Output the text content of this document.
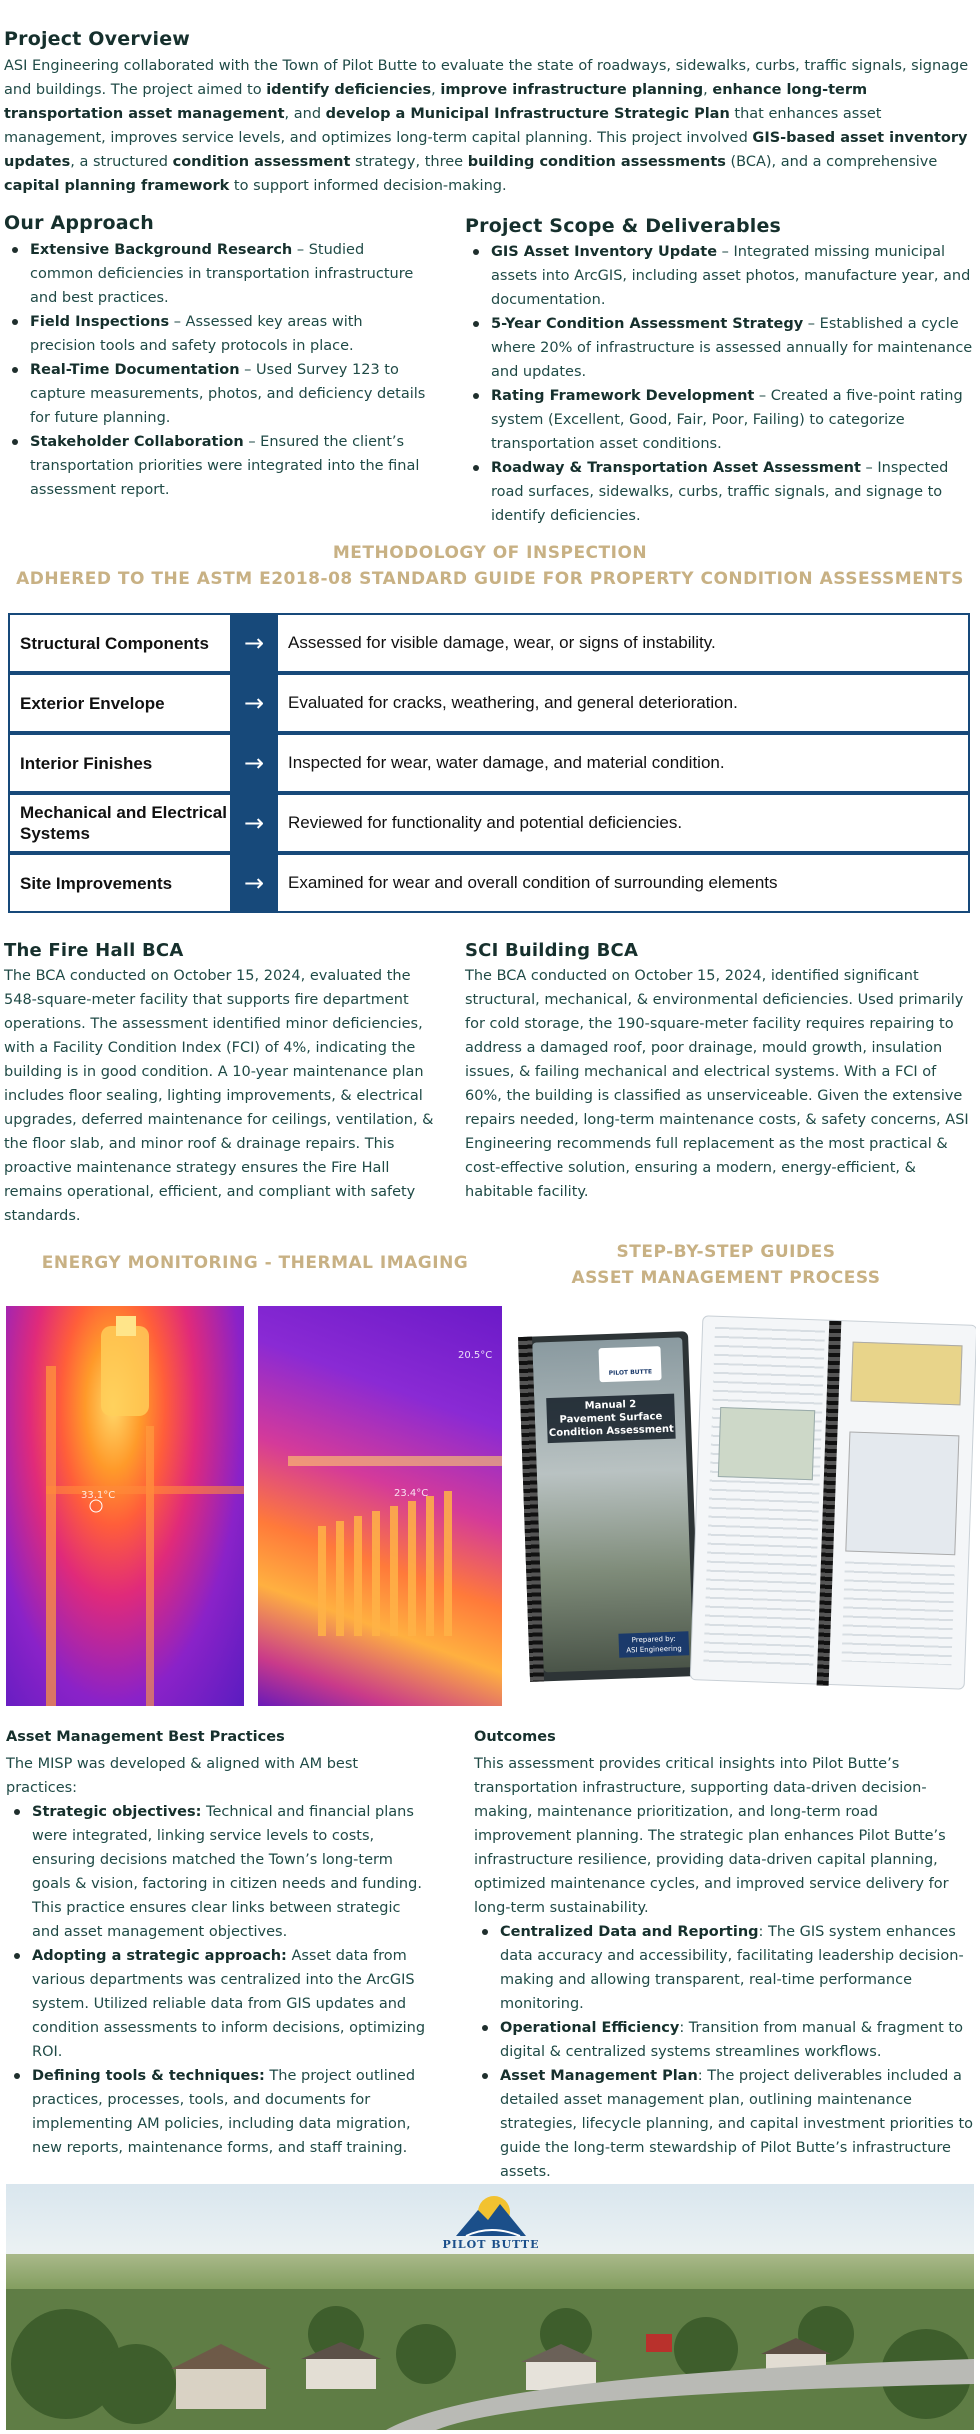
Project Overview

ASI Engineering collaborated with the Town of Pilot Butte to evaluate the state of roadways, sidewalks, curbs, traffic signals, signage and buildings. The project aimed to identify deficiencies, improve infrastructure planning, enhance long-term transportation asset management, and develop a Municipal Infrastructure Strategic Plan that enhances asset management, improves service levels, and optimizes long-term capital planning. This project involved GIS-based asset inventory updates, a structured condition assessment strategy, three building condition assessments (BCA), and a comprehensive capital planning framework to support informed decision-making.

Our Approach
Extensive Background Research – Studied common deficiencies in transportation infrastructure and best practices.
Field Inspections – Assessed key areas with precision tools and safety protocols in place.
Real-Time Documentation – Used Survey 123 to capture measurements, photos, and deficiency details for future planning.
Stakeholder Collaboration – Ensured the client’s transportation priorities were integrated into the final assessment report.
Project Scope & Deliverables
GIS Asset Inventory Update – Integrated missing municipal assets into ArcGIS, including asset photos, manufacture year, and documentation.
5-Year Condition Assessment Strategy – Established a cycle where 20% of infrastructure is assessed annually for maintenance and updates.
Rating Framework Development – Created a five-point rating system (Excellent, Good, Fair, Poor, Failing) to categorize transportation asset conditions.
Roadway & Transportation Asset Assessment – Inspected road surfaces, sidewalks, curbs, traffic signals, and signage to identify deficiencies.
METHODOLOGY OF INSPECTION
ADHERED TO THE ASTM E2018-08 STANDARD GUIDE FOR PROPERTY CONDITION ASSESSMENTS
Structural Components	→	Assessed for visible damage, wear, or signs of instability.
Exterior Envelope	→	Evaluated for cracks, weathering, and general deterioration.
Interior Finishes	→	Inspected for wear, water damage, and material condition.
Mechanical and Electrical Systems	→	Reviewed for functionality and potential deficiencies.
Site Improvements	→	Examined for wear and overall condition of surrounding elements
The Fire Hall BCA

The BCA conducted on October 15, 2024, evaluated the 548-square-meter facility that supports fire department operations. The assessment identified minor deficiencies, with a Facility Condition Index (FCI) of 4%, indicating the building is in good condition. A 10-year maintenance plan includes floor sealing, lighting improvements, & electrical upgrades, deferred maintenance for ceilings, ventilation, & the floor slab, and minor roof & drainage repairs. This proactive maintenance strategy ensures the Fire Hall remains operational, efficient, and compliant with safety standards.

SCI Building BCA

The BCA conducted on October 15, 2024, identified significant structural, mechanical, & environmental deficiencies. Used primarily for cold storage, the 190-square-meter facility requires repairing to address a damaged roof, poor drainage, mould growth, insulation issues, & failing mechanical and electrical systems. With a FCI of 60%, the building is classified as unserviceable. Given the extensive repairs needed, long-term maintenance costs, & safety concerns, ASI Engineering recommends full replacement as the most practical & cost-effective solution, ensuring a modern, energy-efficient, & habitable facility.

ENERGY MONITORING - THERMAL IMAGING
STEP-BY-STEP GUIDES
ASSET MANAGEMENT PROCESS
33.1°C
20.5°C
23.4°C
PILOT BUTTE
Manual 2
Pavement Surface
Condition Assessment
Prepared by:
ASI Engineering
Asset Management Best Practices

The MISP was developed & aligned with AM best practices:

Strategic objectives: Technical and financial plans were integrated, linking service levels to costs, ensuring decisions matched the Town’s long-term goals & vision, factoring in citizen needs and funding. This practice ensures clear links between strategic and asset management objectives.
Adopting a strategic approach: Asset data from various departments was centralized into the ArcGIS system. Utilized reliable data from GIS updates and condition assessments to inform decisions, optimizing ROI.
Defining tools & techniques: The project outlined practices, processes, tools, and documents for implementing AM policies, including data migration, new reports, maintenance forms, and staff training.
Outcomes

This assessment provides critical insights into Pilot Butte’s transportation infrastructure, supporting data-driven decision-making, maintenance prioritization, and long-term road improvement planning. The strategic plan enhances Pilot Butte’s infrastructure resilience, providing data-driven capital planning, optimized maintenance cycles, and improved service delivery for long-term sustainability.

Centralized Data and Reporting: The GIS system enhances data accuracy and accessibility, facilitating leadership decision-making and allowing transparent, real-time performance monitoring.
Operational Efficiency: Transition from manual & fragment to digital & centralized systems streamlines workflows.
Asset Management Plan: The project deliverables included a detailed asset management plan, outlining maintenance strategies, lifecycle planning, and capital investment priorities to guide the long-term stewardship of Pilot Butte’s infrastructure assets.
PILOT BUTTE
